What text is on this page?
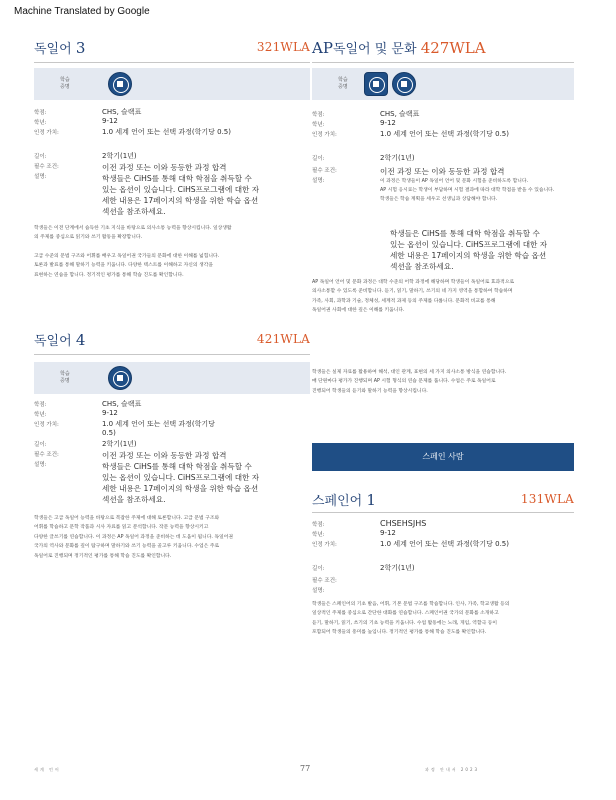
Machine Translated by Google
독일어 3	321WLA
학습 증명
학점:	CHS, 슬랙표
학년:	9-12
인정 가치:	1.0 세계 언어 또는 선택 과정(학기당 0.5)
길이:	2학기(1년)
필수 조건:
설명:
이전 과정 또는 이와 동등한 과정 합격
학생들은 CiHS를 통해 대학 학점을 취득할 수
있는 옵션이 있습니다. CiHS프로그램에 대한 자
세한 내용은 17페이지의 학생을 위한 학습 옵션
섹션을 참조하세요.
학생들은 이전 단계에서 습득한 기초 지식을 바탕으로 의사소통 능력을 향상시킵니다. 일상생활
의 주제를 중심으로 읽기와 쓰기 활동을 확장합니다.
고급 수준의 문법 구조와 어휘를 배우고 독일어권 국가들의 문화에 대한 이해를 넓힙니다.
토론과 발표를 통해 말하기 능력을 키웁니다. 다양한 텍스트를 이해하고 자신의 생각을
표현하는 연습을 합니다. 정기적인 평가를 통해 학습 진도를 확인합니다.
독일어 4	421WLA
학습 증명
학점:	CHS, 슬랙표
학년:	9-12
인정 가치:	1.0 세계 언어 또는 선택 과정(학기당
0.5)
길이:	2학기(1년)
필수 조건:
설명:
이전 과정 또는 이와 동등한 과정 합격
학생들은 CiHS를 통해 대학 학점을 취득할 수
있는 옵션이 있습니다. CiHS프로그램에 대한 자
세한 내용은 17페이지의 학생을 위한 학습 옵션
섹션을 참조하세요.
학생들은 고급 독일어 능력을 바탕으로 복잡한 주제에 대해 토론합니다. 고급 문법 구조와
어휘를 학습하고 문학 작품과 시사 자료를 읽고 분석합니다. 작문 능력을 향상시키고
다양한 글쓰기를 연습합니다. 이 과정은 AP 독일어 과정을 준비하는 데 도움이 됩니다. 독일어권
국가의 역사와 문화를 깊이 탐구하며 말하기와 쓰기 능력을 골고루 키웁니다. 수업은 주로
독일어로 진행되며 정기적인 평가를 통해 학습 진도를 확인합니다.
AP독일어 및 문화 427WLA
학습 증명
학점:	CHS, 슬랙표
학년:	9-12
인정 가치:	1.0 세계 언어 또는 선택 과정(학기당 0.5)
길이:	2학기(1년)
필수 조건:
설명:
이전 과정 또는 이와 동등한 과정 합격
이 과정은 학생들이 AP 독일어 언어 및 문화 시험을 준비하도록 합니다.
AP 시험 응시료는 학생이 부담하며 시험 결과에 따라 대학 학점을 받을 수 있습니다.
학생들은 학습 계획을 세우고 선생님과 상담해야 합니다.
학생들은 CiHS를 통해 대학 학점을 취득할 수
있는 옵션이 있습니다. CiHS프로그램에 대한 자
세한 내용은 17페이지의 학생을 위한 학습 옵션
섹션을 참조하세요.
AP 독일어 언어 및 문화 과정은 대학 수준의 어학 과정에 해당하며 학생들이 독일어로 효과적으로
의사소통할 수 있도록 준비합니다. 듣기, 읽기, 말하기, 쓰기의 네 가지 영역을 통합하여 학습하며
가족, 사회, 과학과 기술, 정체성, 세계적 과제 등의 주제를 다룹니다. 문화적 비교를 통해
독일어권 사회에 대한 깊은 이해를 키웁니다.
학생들은 실제 자료를 활용하여 해석, 대인 관계, 표현의 세 가지 의사소통 방식을 연습합니다.
매 단원마다 평가가 진행되며 AP 시험 형식의 연습 문제를 풉니다. 수업은 주로 독일어로
진행되어 학생들의 듣기와 말하기 능력을 향상시킵니다.
스페인어 1	131WLA
학점:	CHSEHSJHS
학년:	9-12
인정 가치:	1.0 세계 언어 또는 선택 과정(학기당 0.5)
길이:	2학기(1년)
필수 조건:
설명:
학생들은 스페인어의 기초 발음, 어휘, 기본 문법 구조를 학습합니다. 인사, 가족, 학교생활 등의
일상적인 주제를 중심으로 간단한 대화를 연습합니다. 스페인어권 국가의 문화를 소개하고
듣기, 말하기, 읽기, 쓰기의 기초 능력을 키웁니다. 수업 활동에는 노래, 게임, 역할극 등이
포함되어 학생들의 흥미를 높입니다. 정기적인 평가를 통해 학습 진도를 확인합니다.
스페인 사람
세계 언어	77	과정 안내서 2023
